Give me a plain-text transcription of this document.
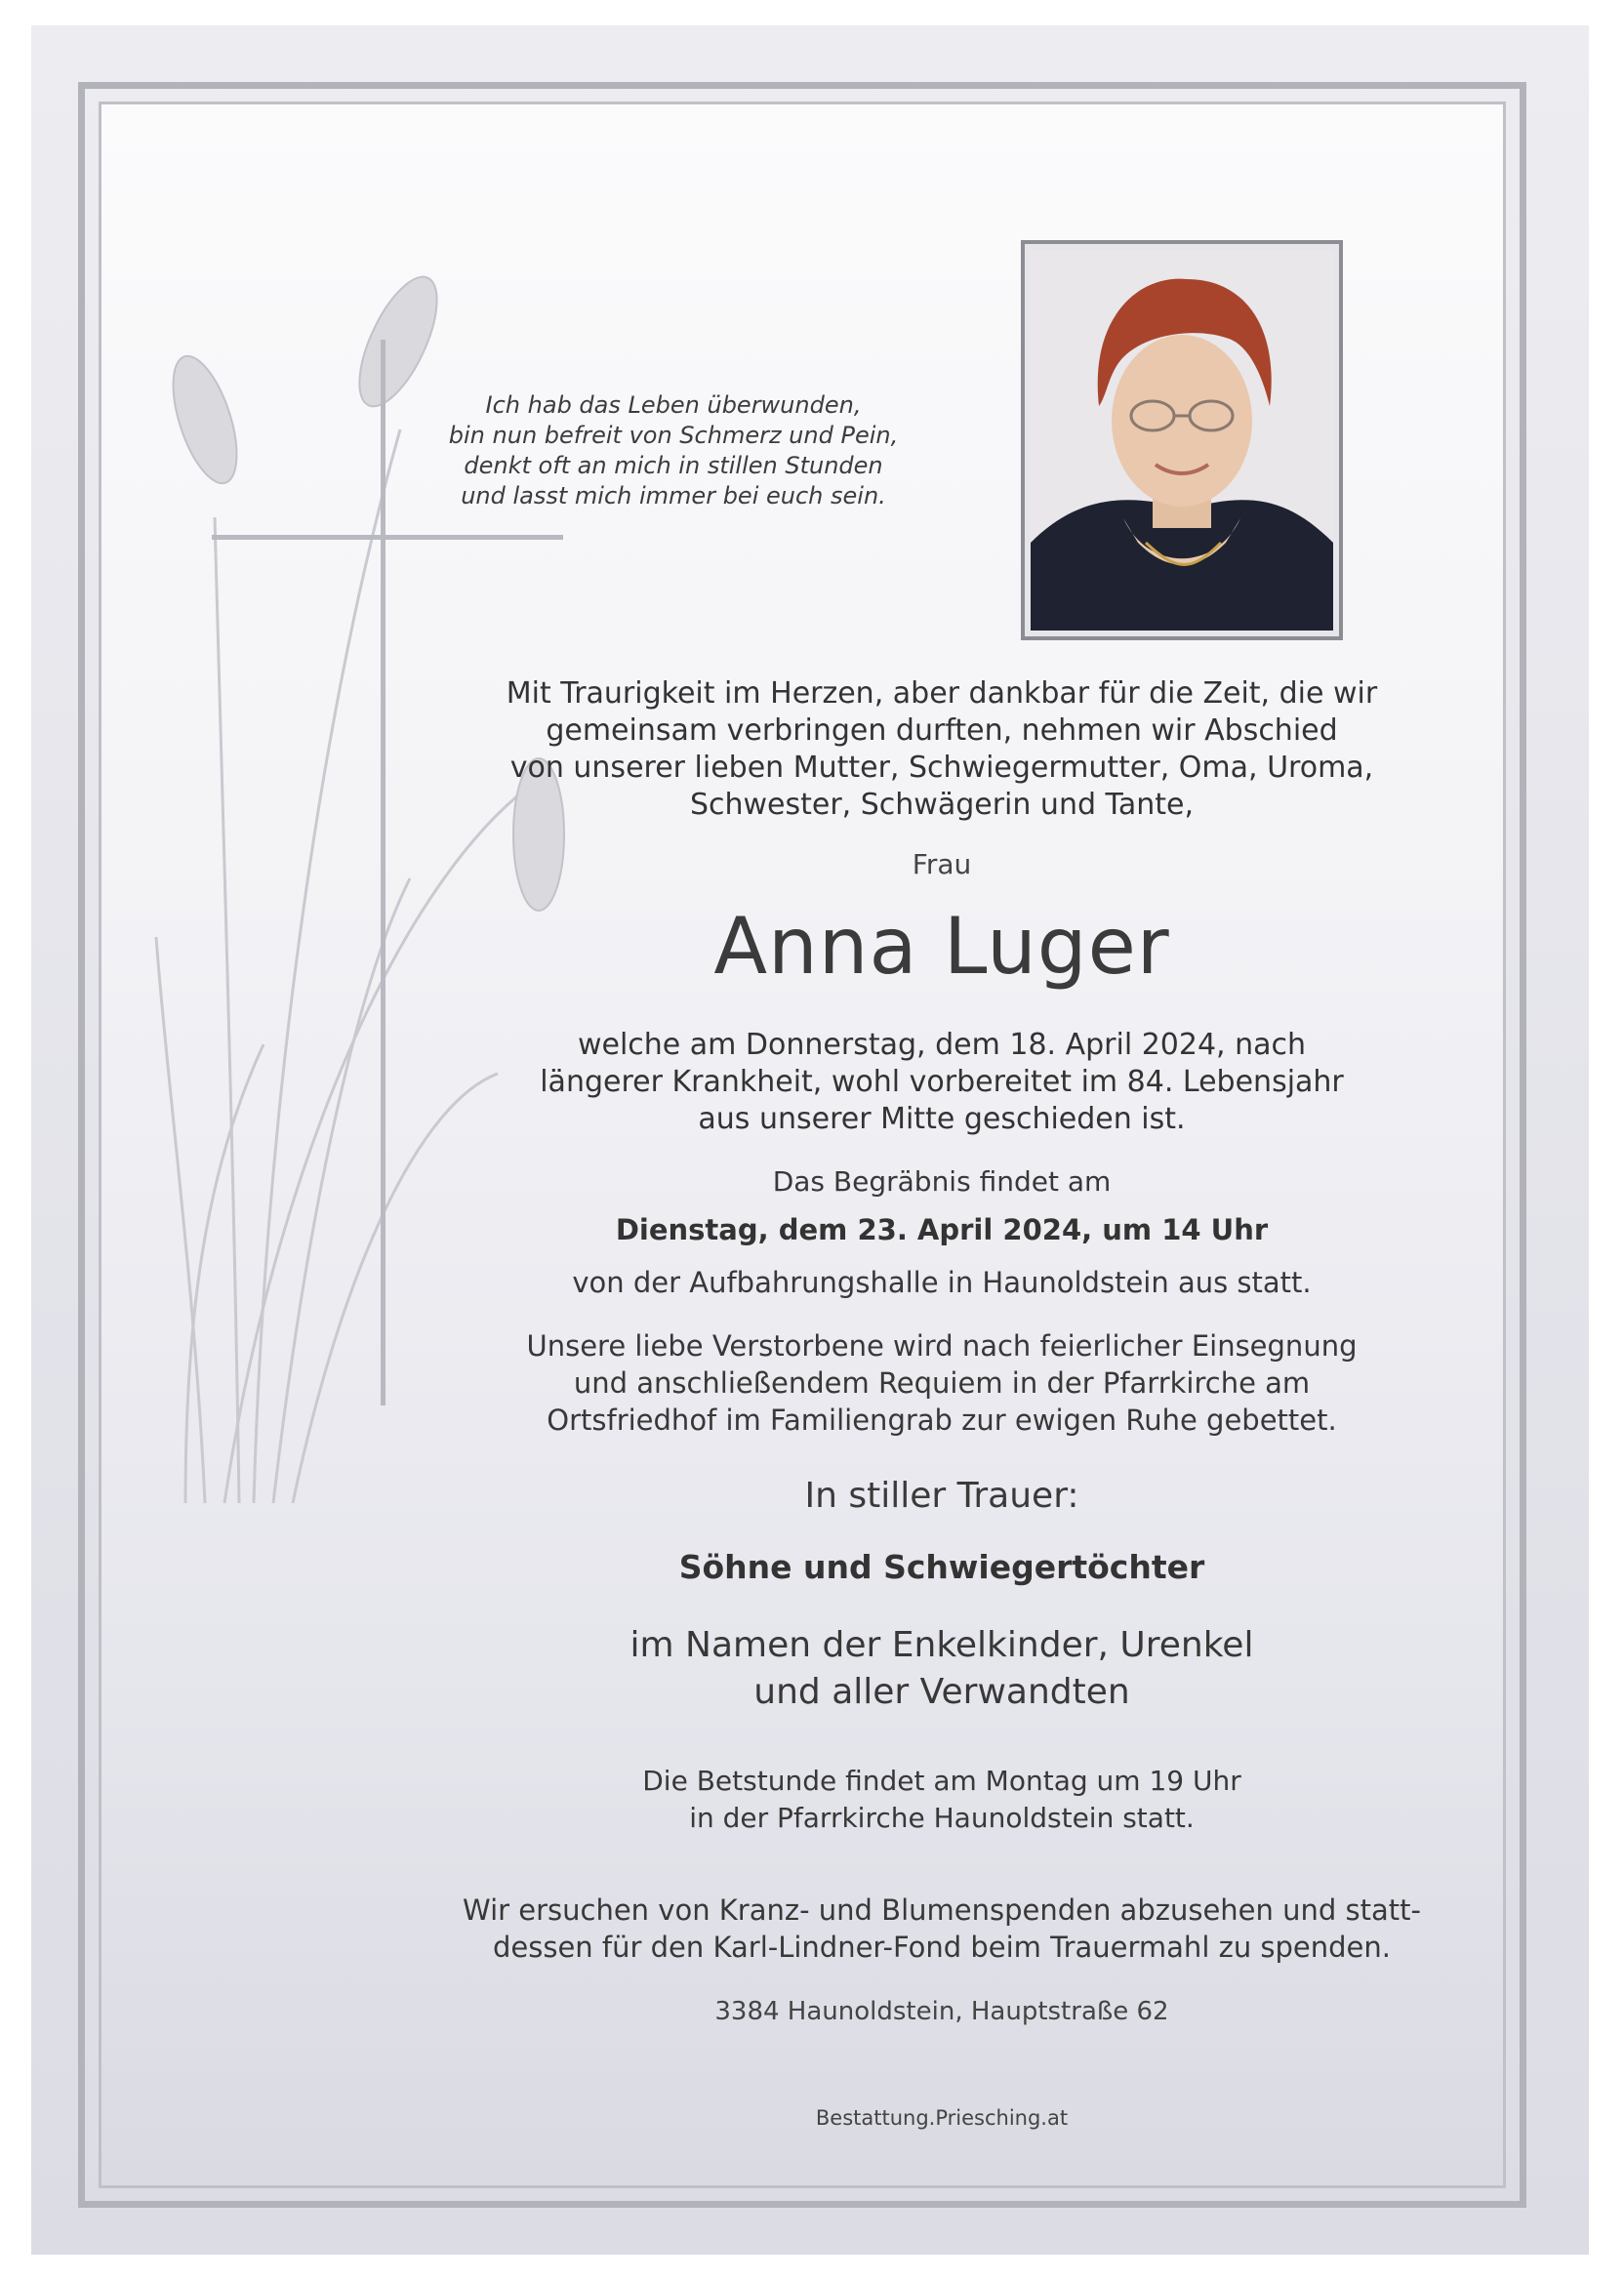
Ich hab das Leben überwunden,
bin nun befreit von Schmerz und Pein,
denkt oft an mich in stillen Stunden
und lasst mich immer bei euch sein.
Mit Traurigkeit im Herzen, aber dankbar für die Zeit, die wir
gemeinsam verbringen durften, nehmen wir Abschied
von unserer lieben Mutter, Schwiegermutter, Oma, Uroma,
Schwester, Schwägerin und Tante,
Frau
Anna Luger
welche am Donnerstag, dem 18. April 2024, nach
längerer Krankheit, wohl vorbereitet im 84. Lebensjahr
aus unserer Mitte geschieden ist.
Das Begräbnis findet am
Dienstag, dem 23. April 2024, um 14 Uhr
von der Aufbahrungshalle in Haunoldstein aus statt.
Unsere liebe Verstorbene wird nach feierlicher Einsegnung
und anschließendem Requiem in der Pfarrkirche am
Ortsfriedhof im Familiengrab zur ewigen Ruhe gebettet.
In stiller Trauer:
Söhne und Schwiegertöchter
im Namen der Enkelkinder, Urenkel
und aller Verwandten
Die Betstunde findet am Montag um 19 Uhr
in der Pfarrkirche Haunoldstein statt.
Wir ersuchen von Kranz- und Blumenspenden abzusehen und statt-
dessen für den Karl-Lindner-Fond beim Trauermahl zu spenden.
3384 Haunoldstein, Hauptstraße 62
Bestattung.Priesching.at
